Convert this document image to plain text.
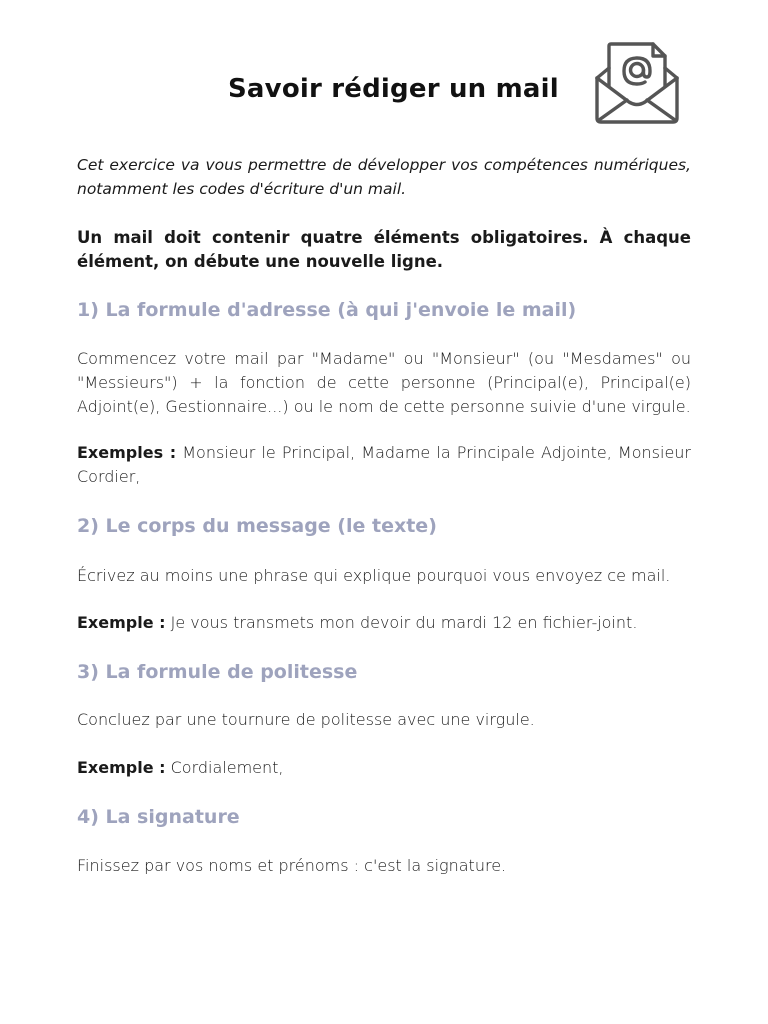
Savoir rédiger un mail

Cet exercice va vous permettre de développer vos compétences numériques, notamment les codes d'écriture d'un mail.

Un mail doit contenir quatre éléments obligatoires. À chaque élément, on débute une nouvelle ligne.

1) La formule d'adresse (à qui j'envoie le mail)

Commencez votre mail par "Madame" ou "Monsieur" (ou "Mesdames" ou "Messieurs") + la fonction de cette personne (Principal(e), Principal(e) Adjoint(e), Gestionnaire...) ou le nom de cette personne suivie d'une virgule.

Exemples : Monsieur le Principal, Madame la Principale Adjointe, Monsieur Cordier,

2) Le corps du message (le texte)

Écrivez au moins une phrase qui explique pourquoi vous envoyez ce mail.

Exemple : Je vous transmets mon devoir du mardi 12 en fichier-joint.

3) La formule de politesse

Concluez par une tournure de politesse avec une virgule.

Exemple : Cordialement,

4) La signature

Finissez par vos noms et prénoms : c'est la signature.
